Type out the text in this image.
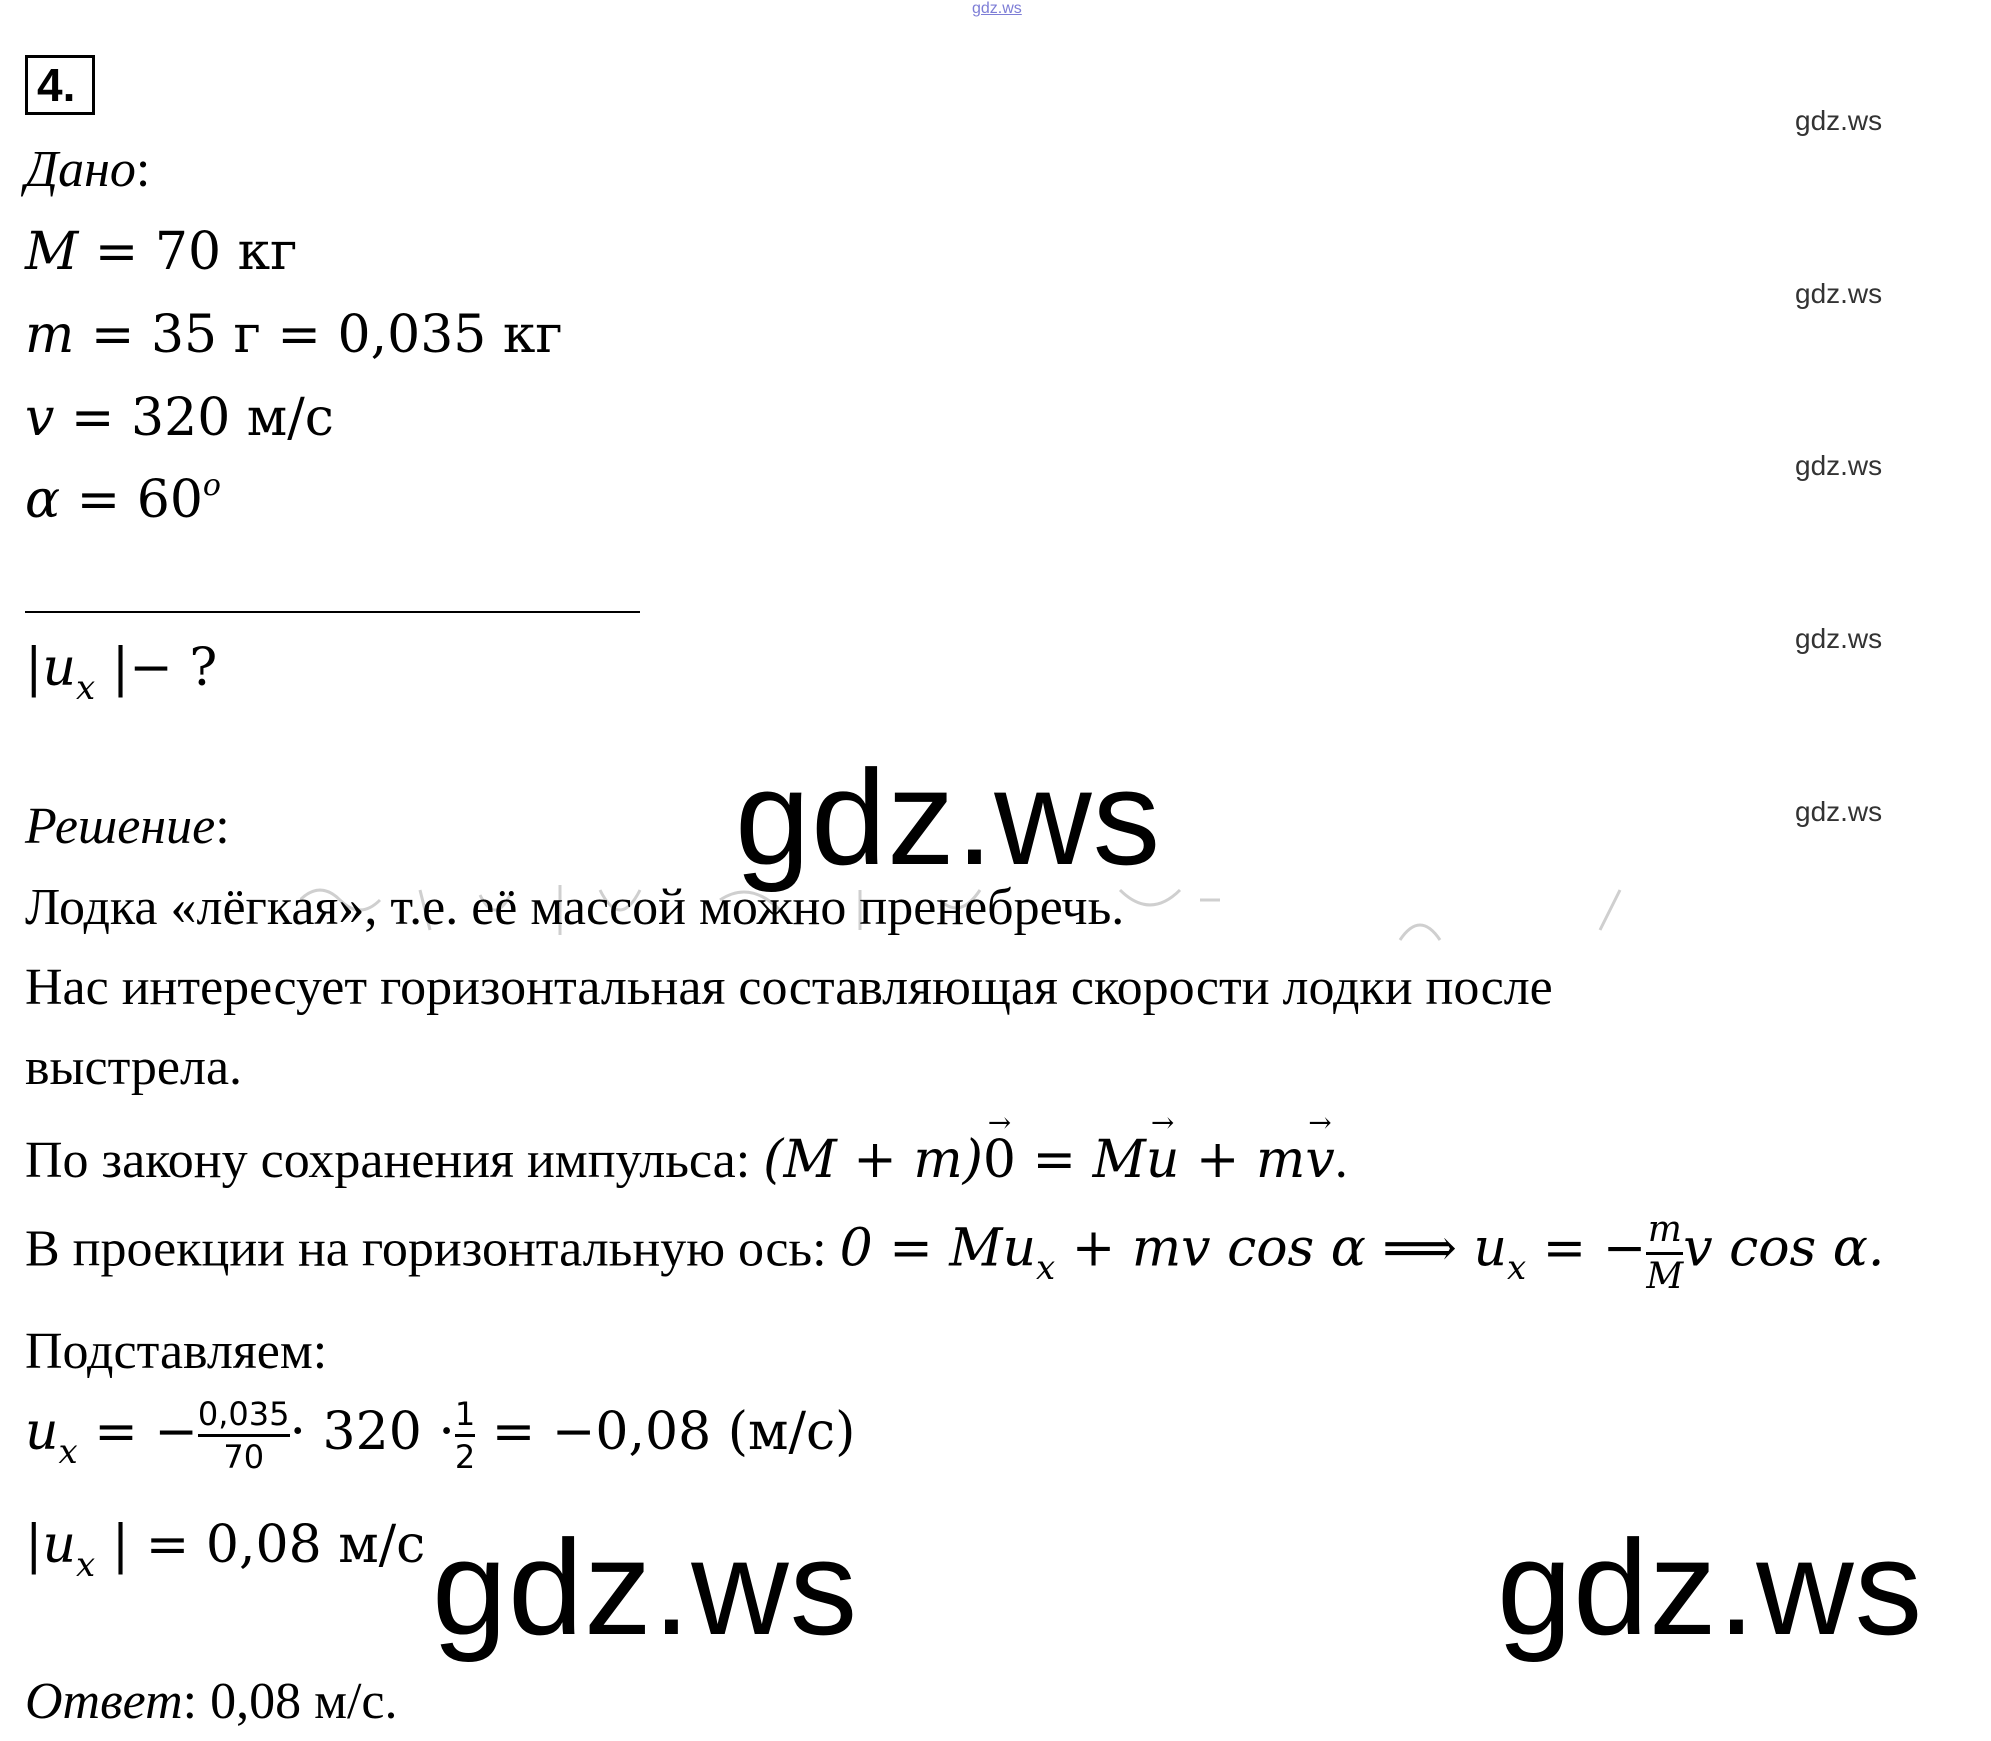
gdz.ws
4.
Дано:
M = 70 кг
m = 35 г = 0,035 кг
v = 320 м/с
$\alpha = 60^o$
$|u_x$ |− ?
Решение:
Лодка «лёгкая», т.е. её массой можно пренебречь.
Нас интересует горизонтальная составляющая скорости лодки после
выстрела.
По закону сохранения импульса: (M + m)→ 0 = M→ u + m→ v.
В проекции на горизонтальную ось: $0 = Mu_x$ + mv cos α ⟹ $u_x$ = − $\frac{m}{M}$ v cos α.
Подставляем:
$u_x$ = − $\frac{0,035}{70} \cdot 320 \cdot \frac{1}{2} = -0,08$ (м/с)
$|u_x$ | = 0,08 м/с
Ответ: 0,08 м/с.
gdz.ws
gdz.ws
gdz.ws
gdz.ws
gdz.ws
gdz.ws
gdz.ws	gdz.ws
